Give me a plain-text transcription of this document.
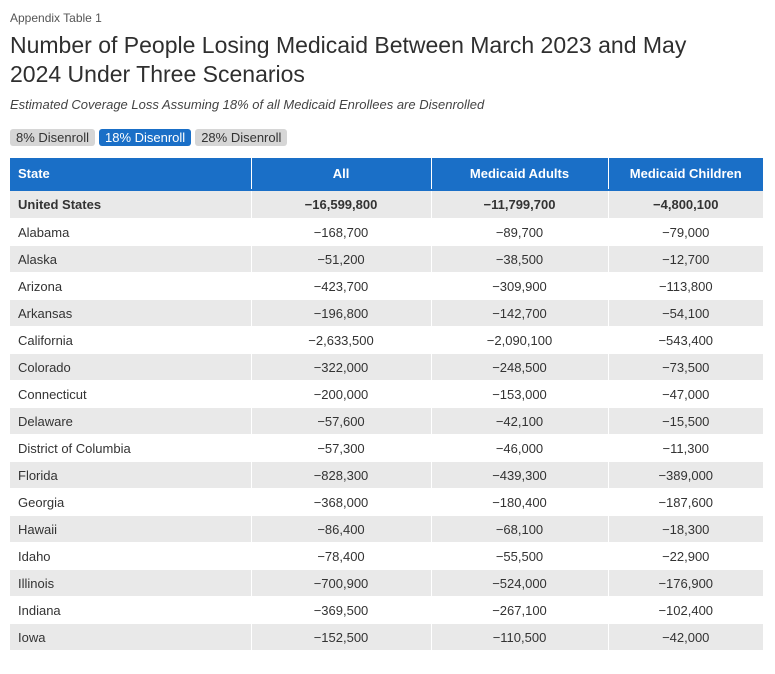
Appendix Table 1
Number of People Losing Medicaid Between March 2023 and May 2024 Under Three Scenarios
Estimated Coverage Loss Assuming 18% of all Medicaid Enrollees are Disenrolled
8% Disenroll	18% Disenroll	28% Disenroll
State	All	Medicaid Adults	Medicaid Children
United States	−16,599,800	−11,799,700	−4,800,100
Alabama	−168,700	−89,700	−79,000
Alaska	−51,200	−38,500	−12,700
Arizona	−423,700	−309,900	−113,800
Arkansas	−196,800	−142,700	−54,100
California	−2,633,500	−2,090,100	−543,400
Colorado	−322,000	−248,500	−73,500
Connecticut	−200,000	−153,000	−47,000
Delaware	−57,600	−42,100	−15,500
District of Columbia	−57,300	−46,000	−11,300
Florida	−828,300	−439,300	−389,000
Georgia	−368,000	−180,400	−187,600
Hawaii	−86,400	−68,100	−18,300
Idaho	−78,400	−55,500	−22,900
Illinois	−700,900	−524,000	−176,900
Indiana	−369,500	−267,100	−102,400
Iowa	−152,500	−110,500	−42,000
